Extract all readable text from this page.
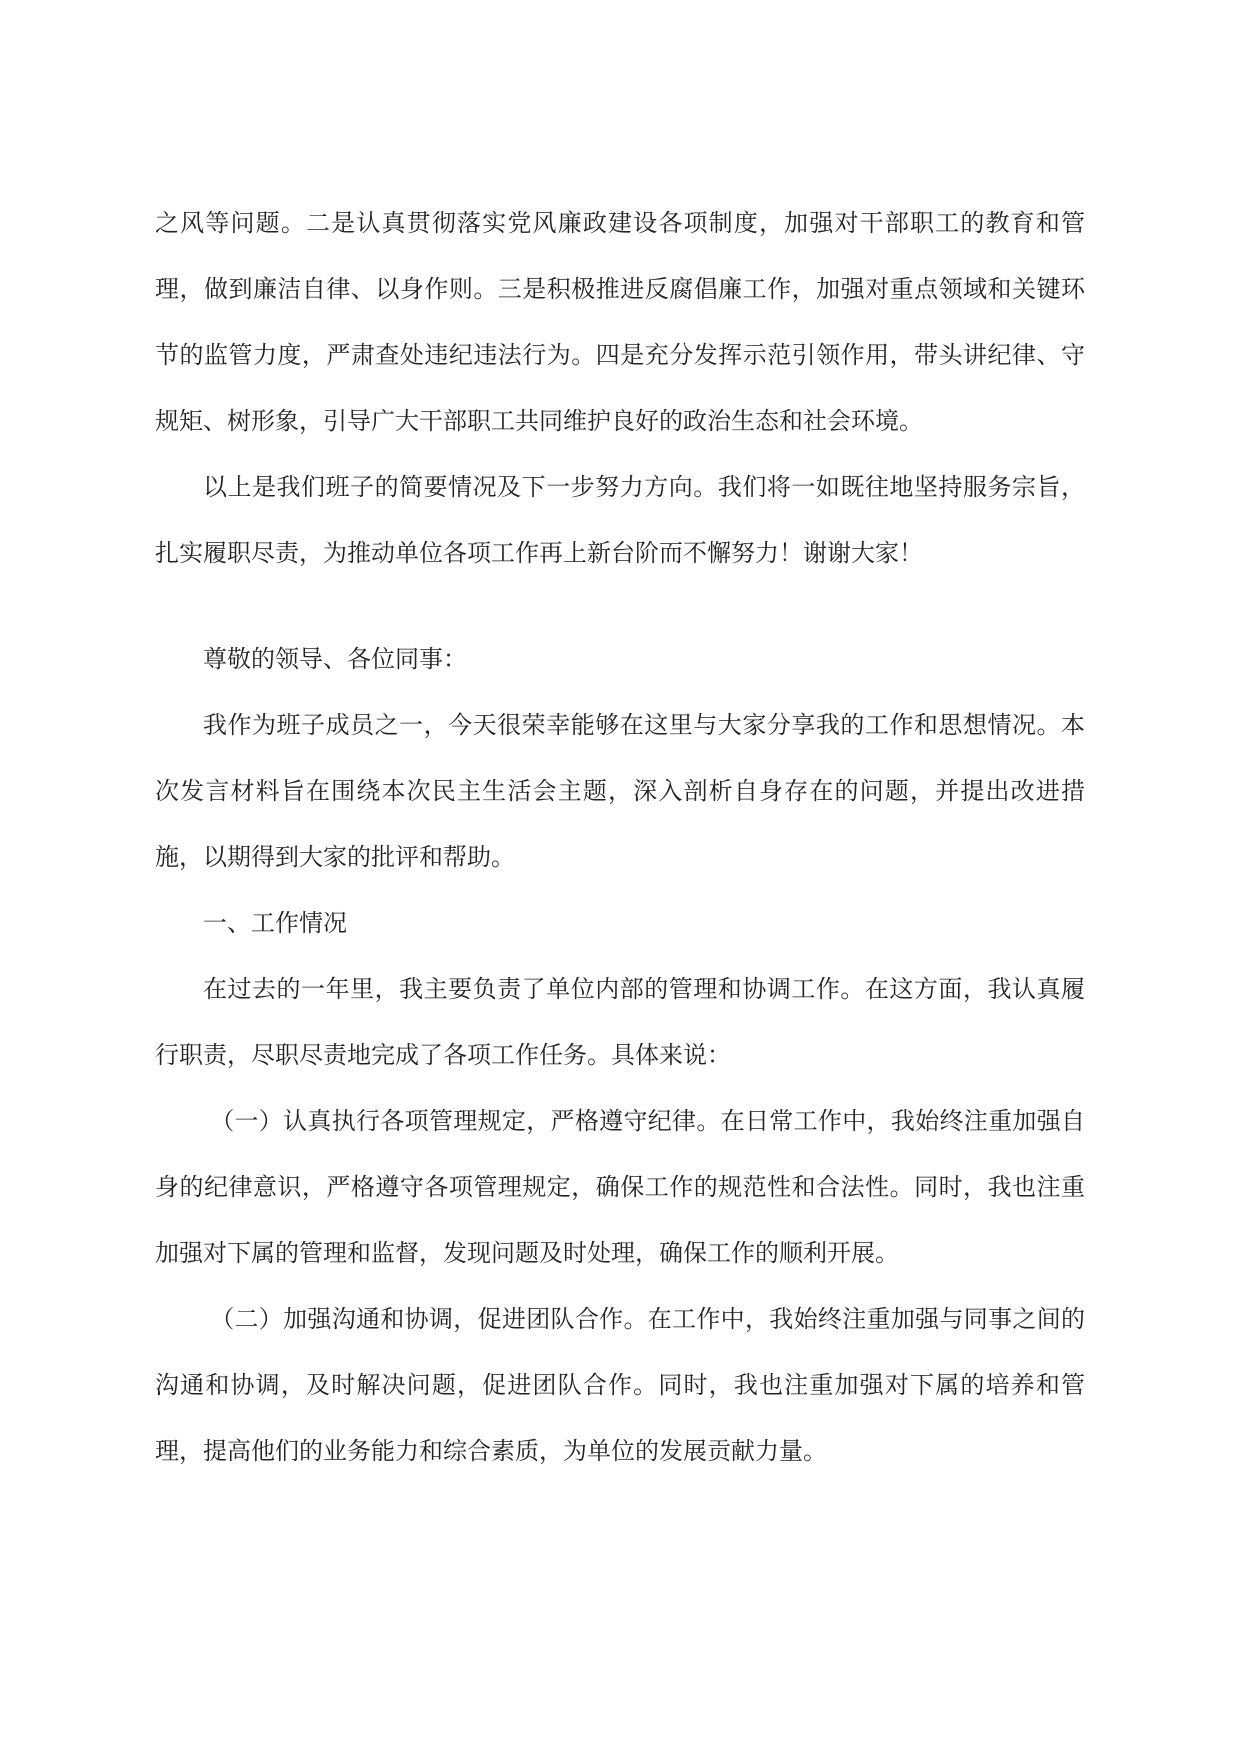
之风等问题。二是认真贯彻落实党风廉政建设各项制度，加强对干部职工的教育和管理，做到廉洁自律、以身作则。三是积极推进反腐倡廉工作，加强对重点领域和关键环节的监管力度，严肃查处违纪违法行为。四是充分发挥示范引领作用，带头讲纪律、守规矩、树形象，引导广大干部职工共同维护良好的政治生态和社会环境。

以上是我们班子的简要情况及下一步努力方向。我们将一如既往地坚持服务宗旨，扎实履职尽责，为推动单位各项工作再上新台阶而不懈努力！谢谢大家！

尊敬的领导、各位同事：

我作为班子成员之一，今天很荣幸能够在这里与大家分享我的工作和思想情况。本次发言材料旨在围绕本次民主生活会主题，深入剖析自身存在的问题，并提出改进措施，以期得到大家的批评和帮助。

一、工作情况

在过去的一年里，我主要负责了单位内部的管理和协调工作。在这方面，我认真履行职责，尽职尽责地完成了各项工作任务。具体来说：

（一）认真执行各项管理规定，严格遵守纪律。在日常工作中，我始终注重加强自身的纪律意识，严格遵守各项管理规定，确保工作的规范性和合法性。同时，我也注重加强对下属的管理和监督，发现问题及时处理，确保工作的顺利开展。

（二）加强沟通和协调，促进团队合作。在工作中，我始终注重加强与同事之间的沟通和协调，及时解决问题，促进团队合作。同时，我也注重加强对下属的培养和管理，提高他们的业务能力和综合素质，为单位的发展贡献力量。
